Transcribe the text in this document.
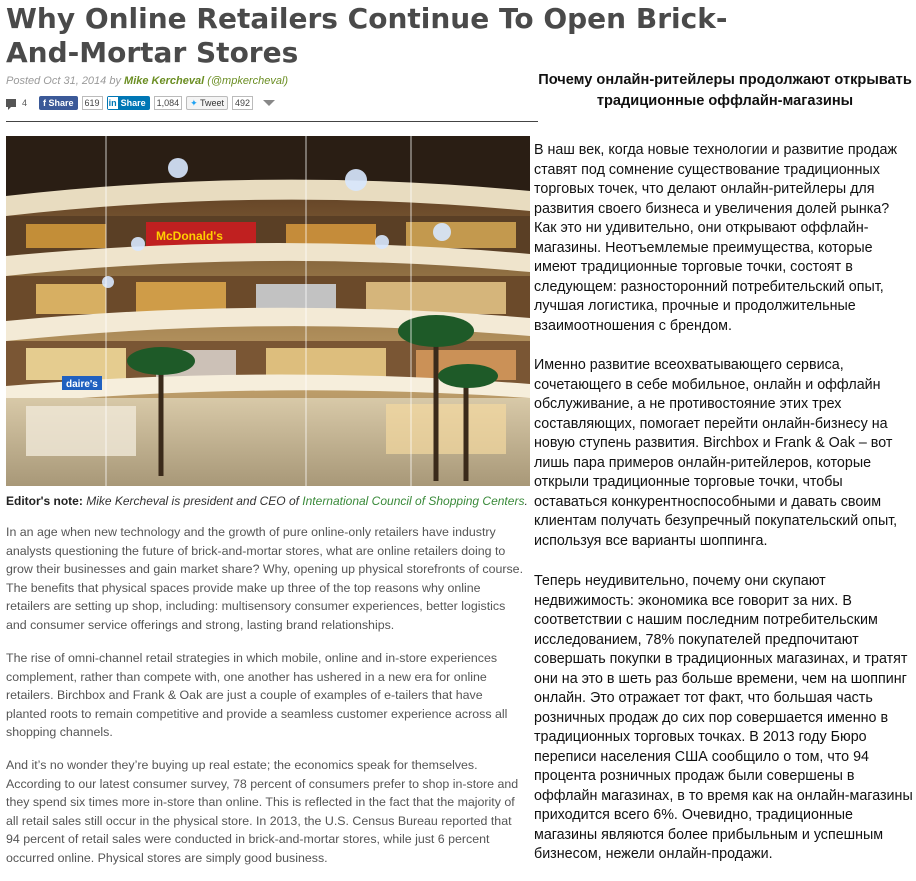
Why Online Retailers Continue To Open Brick-And-Mortar Stores
Posted Oct 31, 2014 by Mike Kercheval (@mpkercheval)
4	f Share	619	in Share	1,084	✦ Tweet	492
McDonald's
daire's
Editor's note: Mike Kercheval is president and CEO of International Council of Shopping Centers.

In an age when new technology and the growth of pure online-only retailers have industry analysts questioning the future of brick-and-mortar stores, what are online retailers doing to grow their businesses and gain market share? Why, opening up physical storefronts of course. The benefits that physical spaces provide make up three of the top reasons why online retailers are setting up shop, including: multisensory consumer experiences, better logistics and consumer service offerings and strong, lasting brand relationships.

The rise of omni-channel retail strategies in which mobile, online and in-store experiences complement, rather than compete with, one another has ushered in a new era for online retailers. Birchbox and Frank & Oak are just a couple of examples of e-tailers that have planted roots to remain competitive and provide a seamless customer experience across all shopping channels.

And it’s no wonder they’re buying up real estate; the economics speak for themselves. According to our latest consumer survey, 78 percent of consumers prefer to shop in-store and they spend six times more in-store than online. This is reflected in the fact that the majority of all retail sales still occur in the physical store. In 2013, the U.S. Census Bureau reported that 94 percent of retail sales were conducted in brick-and-mortar stores, while just 6 percent occurred online. Physical stores are simply good business.

Почему онлайн-ритейлеры продолжают открывать традиционные оффлайн-магазины

В наш век, когда новые технологии и развитие продаж ставят под сомнение существование традиционных торговых точек, что делают онлайн-ритейлеры для развития своего бизнеса и увеличения долей рынка? Как это ни удивительно, они открывают оффлайн-магазины. Неотъемлемые преимущества, которые имеют традиционные торговые точки, состоят в следующем: разносторонний потребительский опыт, лучшая логистика, прочные и продолжительные взаимоотношения с брендом.

Именно развитие всеохватывающего сервиса, сочетающего в себе мобильное, онлайн и оффлайн обслуживание, а не противостояние этих трех составляющих, помогает перейти онлайн-бизнесу на новую ступень развития. Birchbox и Frank & Oak – вот лишь пара примеров онлайн-ритейлеров, которые открыли традиционные торговые точки, чтобы оставаться конкурентноспособными и давать своим клиентам получать безупречный покупательский опыт, используя все варианты шоппинга.

Теперь неудивительно, почему они скупают недвижимость: экономика все говорит за них. В соответствии с нашим последним потребительским исследованием, 78% покупателей предпочитают совершать покупки в традиционных магазинах, и тратят они на это в шеть раз больше времени, чем на шоппинг онлайн. Это отражает тот факт, что большая часть розничных продаж до сих пор совершается именно в традиционных торговых точках. В 2013 году Бюро переписи населения США сообщило о том, что 94 процента розничных продаж были совершены в оффлайн магазинах, в то время как на онлайн-магазины приходится всего 6%. Очевидно, традиционные магазины являются более прибыльным и успешным бизнесом, нежели онлайн-продажи.
